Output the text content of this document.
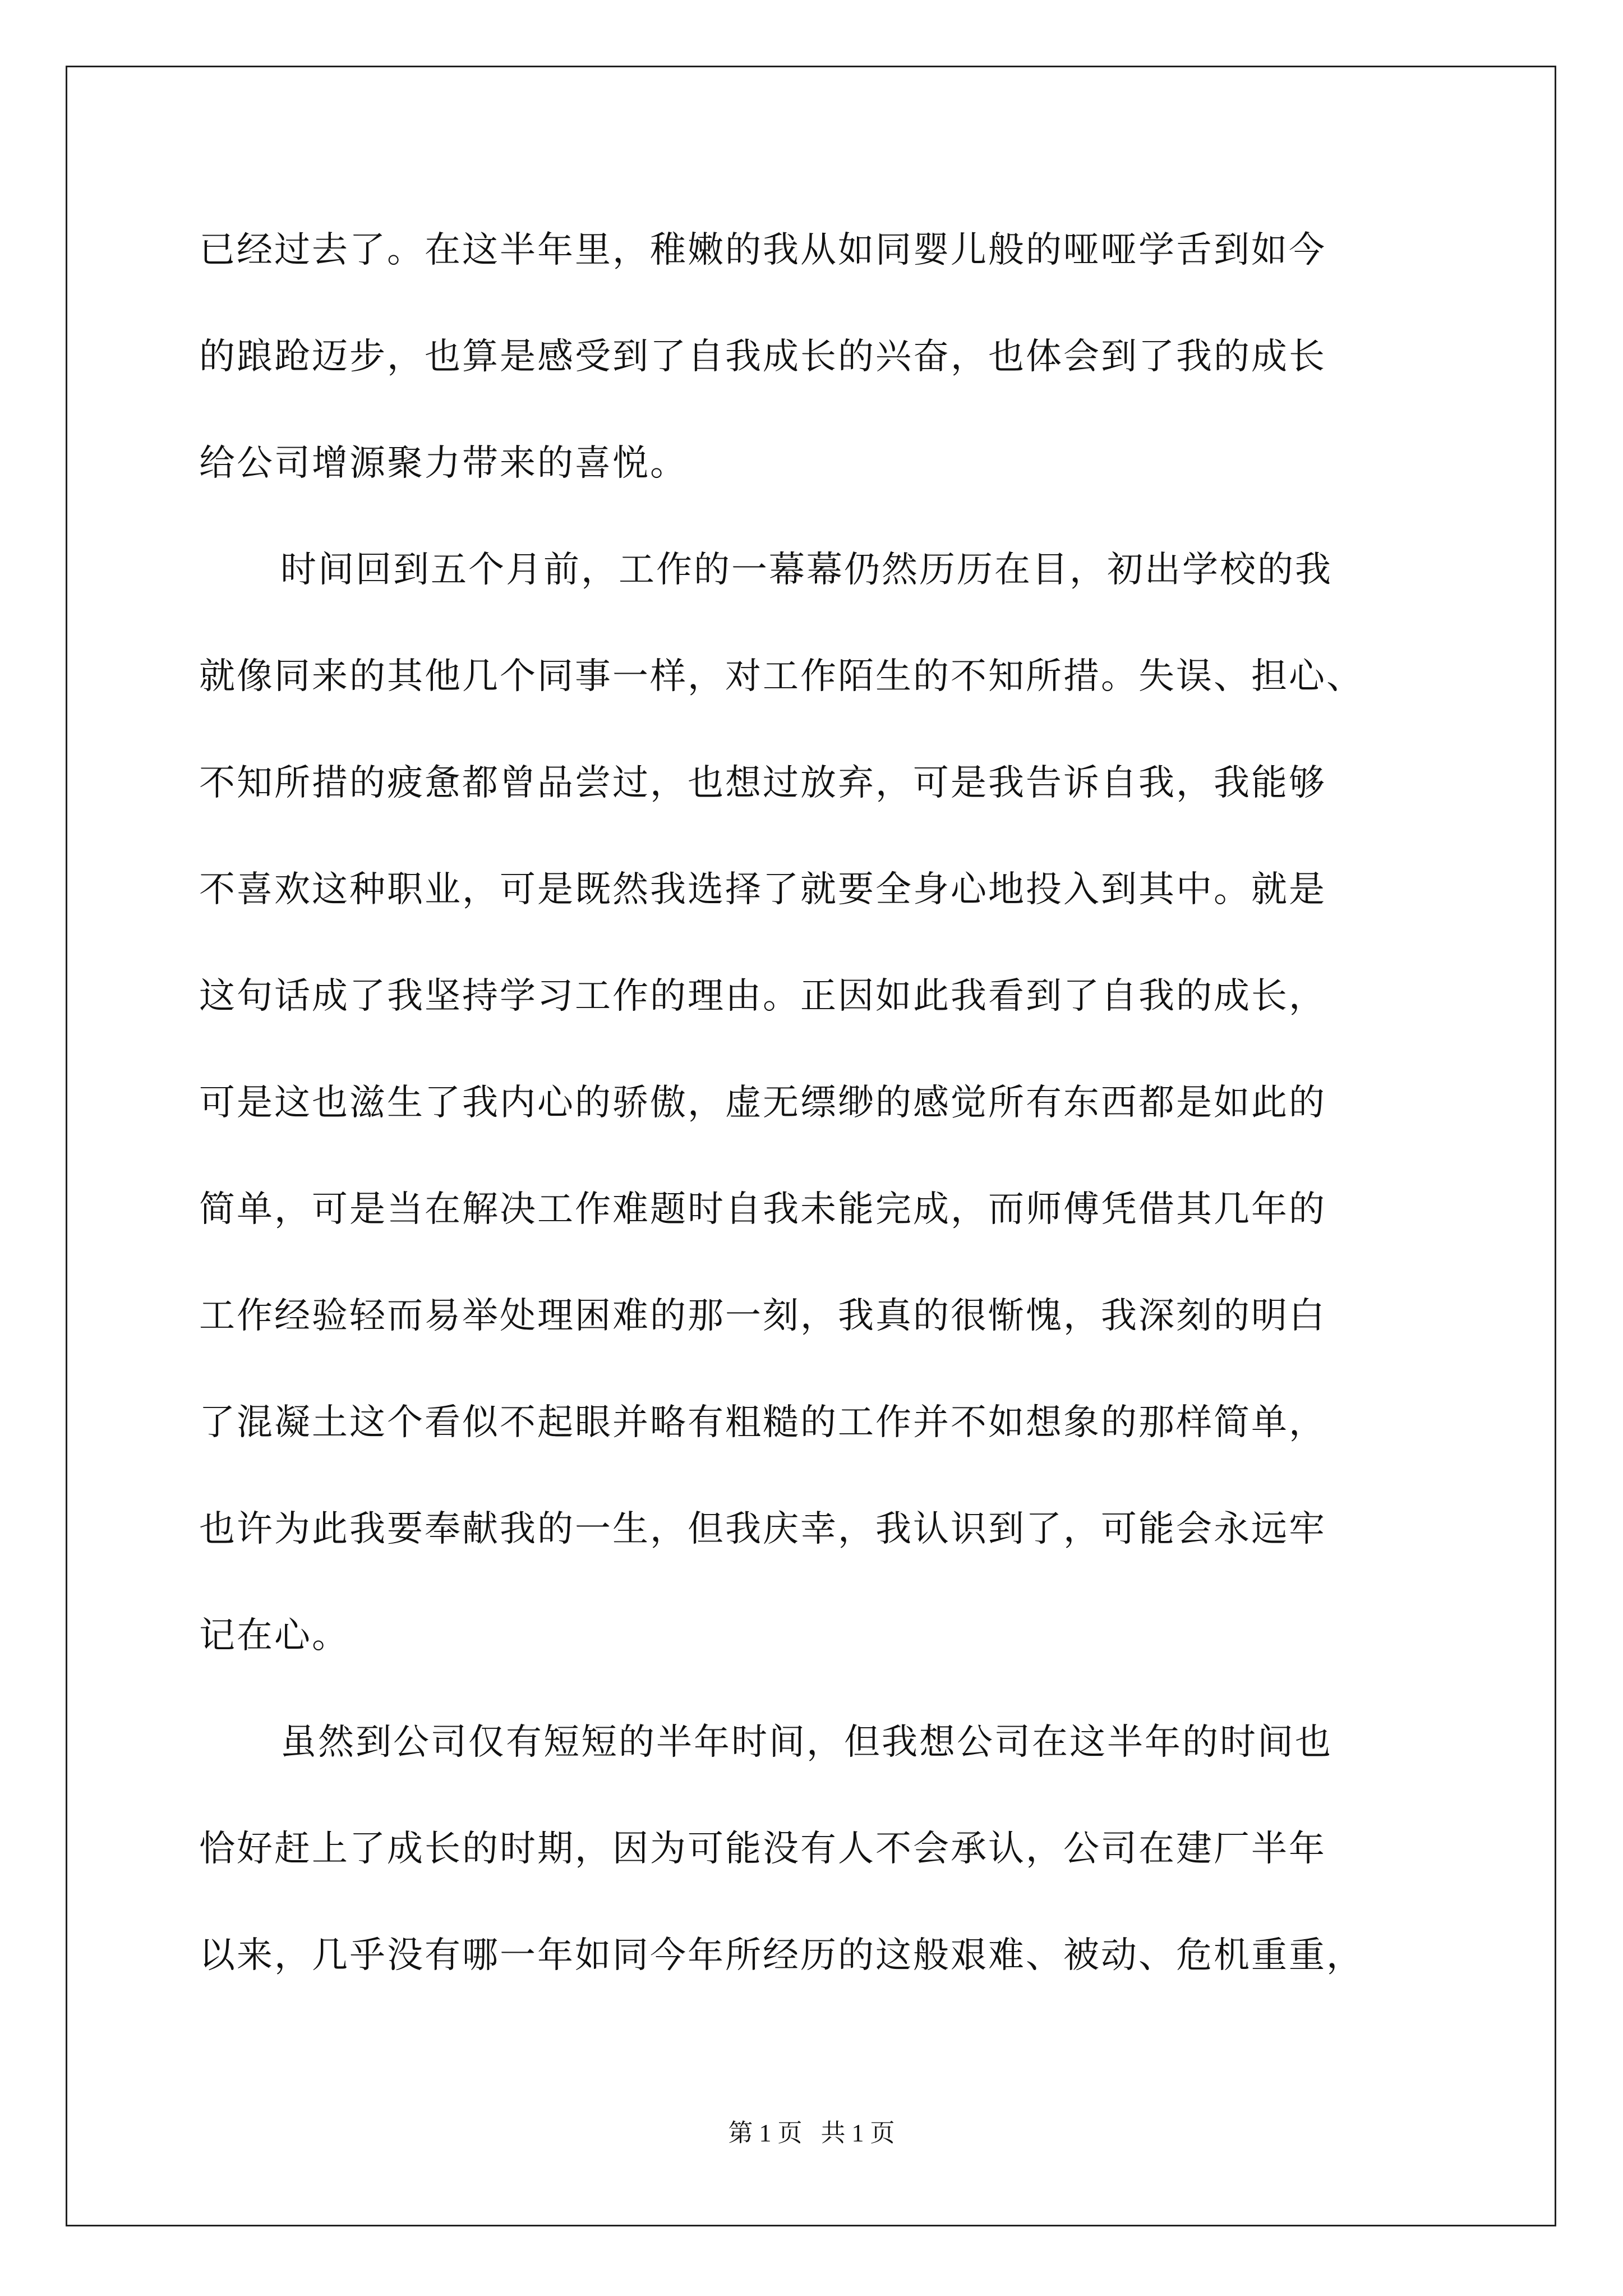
已经过去了。在这半年里，稚嫩的我从如同婴儿般的哑哑学舌到如今
的踉跄迈步，也算是感受到了自我成长的兴奋，也体会到了我的成长
给公司增源聚力带来的喜悦。
时间回到五个月前，工作的一幕幕仍然历历在目，初出学校的我
就像同来的其他几个同事一样，对工作陌生的不知所措。失误、担心、
不知所措的疲惫都曾品尝过，也想过放弃，可是我告诉自我，我能够
不喜欢这种职业，可是既然我选择了就要全身心地投入到其中。就是
这句话成了我坚持学习工作的理由。正因如此我看到了自我的成长，
可是这也滋生了我内心的骄傲，虚无缥缈的感觉所有东西都是如此的
简单，可是当在解决工作难题时自我未能完成，而师傅凭借其几年的
工作经验轻而易举处理困难的那一刻，我真的很惭愧，我深刻的明白
了混凝土这个看似不起眼并略有粗糙的工作并不如想象的那样简单，
也许为此我要奉献我的一生，但我庆幸，我认识到了，可能会永远牢
记在心。
虽然到公司仅有短短的半年时间，但我想公司在这半年的时间也
恰好赶上了成长的时期，因为可能没有人不会承认，公司在建厂半年
以来，几乎没有哪一年如同今年所经历的这般艰难、被动、危机重重，
第 1 页   共 1 页
